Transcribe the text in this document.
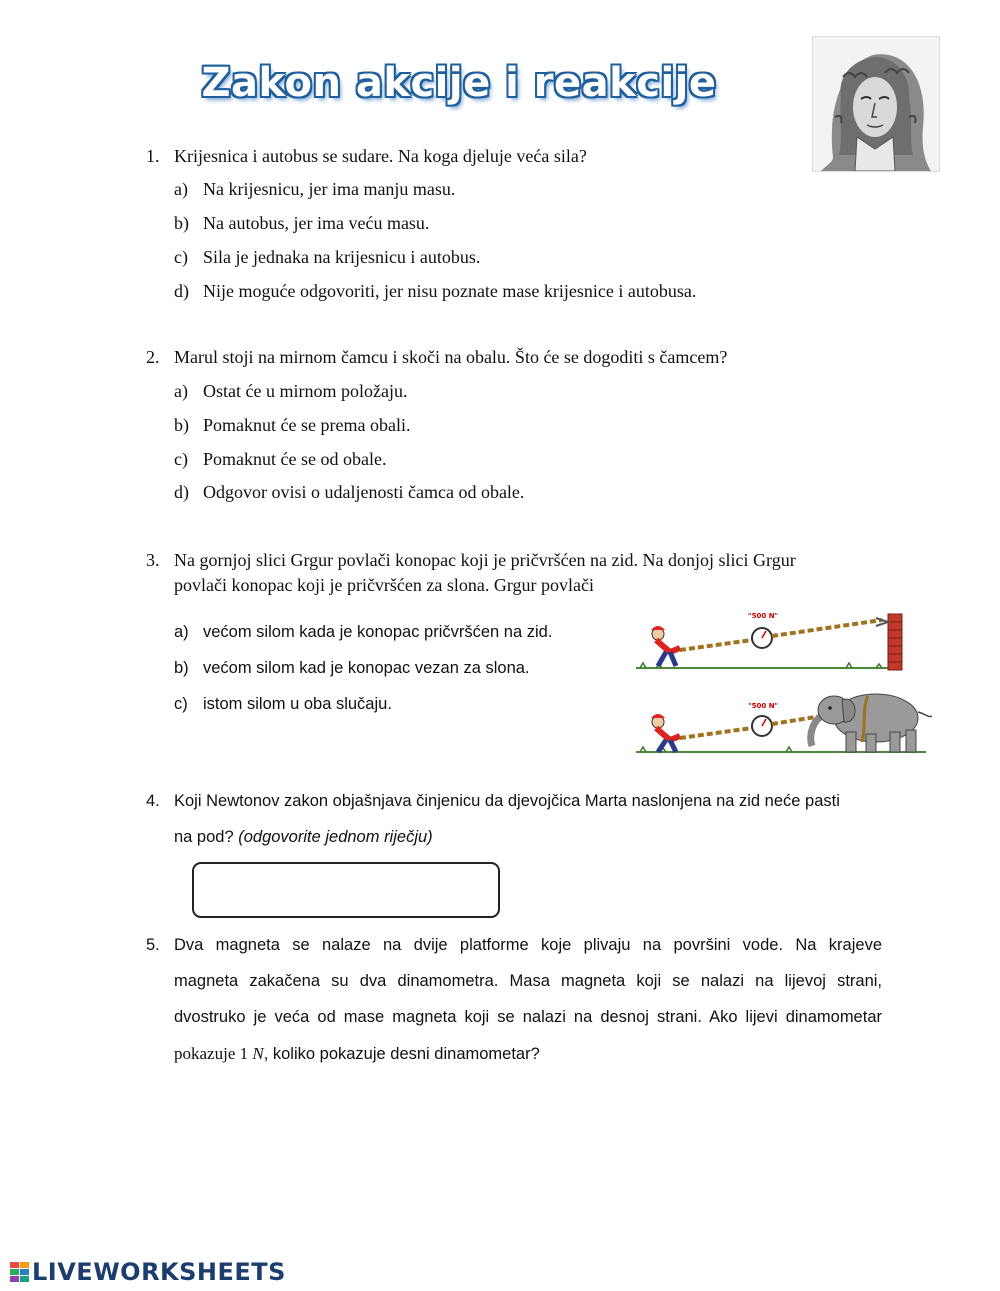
Zakon akcije i reakcije
1. Krijesnica i autobus se sudare. Na koga djeluje veća sila?
a) Na krijesnicu, jer ima manju masu.
b) Na autobus, jer ima veću masu.
c) Sila je jednaka na krijesnicu i autobus.
d) Nije moguće odgovoriti, jer nisu poznate mase krijesnice i autobusa.
2. Marul stoji na mirnom čamcu i skoči na obalu. Što će se dogoditi s čamcem?
a) Ostat će u mirnom položaju.
b) Pomaknut će se prema obali.
c) Pomaknut će se od obale.
d) Odgovor ovisi o udaljenosti čamca od obale.
3. Na gornjoj slici Grgur povlači konopac koji je pričvršćen na zid. Na donjoj slici Grgur
povlači konopac koji je pričvršćen za slona. Grgur povlači
a) većom silom kada je konopac pričvršćen na zid.
b) većom silom kad je konopac vezan za slona.
c) istom silom u oba slučaju.
"500 N"
"500 N"
4. Koji Newtonov zakon objašnjava činjenicu da djevojčica Marta naslonjena na zid neće pasti
na pod? (odgovorite jednom riječju)
5. Dva magneta se nalaze na dvije platforme koje plivaju na površini vode. Na krajeve
magneta zakačena su dva dinamometra. Masa magneta koji se nalazi na lijevoj strani,
dvostruko je veća od mase magneta koji se nalazi na desnoj strani. Ako lijevi dinamometar
pokazuje 1 N, koliko pokazuje desni dinamometar?
LIVEWORKSHEETS
